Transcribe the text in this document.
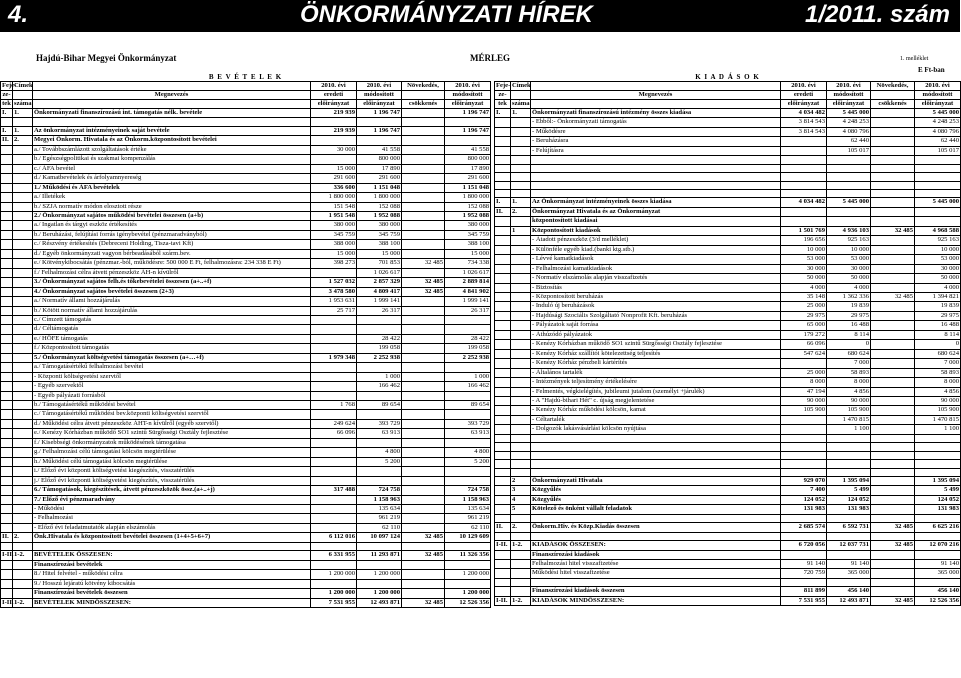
4.	ÖNKORMÁNYZATI HÍREK	1/2011. szám
Hajdú-Bihar Megyei Önkormányzat	MÉRLEG	1. melléklet
E Ft-ban
B E V É T E L E K						
Feje-	Címek		2010. évi	2010. évi	Növekedés,	2010. évi
ze-		Megnevezés	eredeti	módosított		módosított
tek	száma		előirányzat	előirányzat	csökkenés	előirányzat
I.	1.	Önkormányzati finanszírozású int. támogatás nélk. bevétele	219 939	1 196 747		1 196 747

I.	1.	Az önkormányzat intézményeinek saját bevétele	219 939	1 196 747		1 196 747
II.	2.	Megyei Önkorm. Hivatala és az Önkorm.központosított bevételei				
		a./ Továbbszámlázott szolgáltatások értéke	30 000	41 558		41 558
		b./ Egészségpolitikai és szakmai kompenzálás		800 000		800 000
		c./ ÁFA bevétel	15 000	17 890		17 890
		d./ Kamatbevételek és árfolyamnyereség	291 600	291 600		291 600
		1./ Működési és ÁFA bevételek	336 600	1 151 048		1 151 048
		a./ Illetékek	1 800 000	1 800 000		1 800 000
		b./ SZJA normatív módon elosztott része	151 548	152 088		152 088
		2./ Önkormányzat sajátos működési bevételei összesen (a+b)	1 951 548	1 952 088		1 952 088
		a./ Ingatlan és tárgyi eszköz értékesítés	380 000	380 000		380 000
		b./ Beruházási, felújítási forrás igénybevétel (pénzmaradványból)	345 759	345 759		345 759
		c./ Részvény értékesítés (Debreceni Holding, Tisza-tavi Kft)	388 000	388 100		388 100
		d./ Egyéb önkormányzati vagyon bérbeadásából szárm.bev.	15 000	15 000		15 000
		e./ Kötvénykibocsátás (pénzmar.-ból, működésre: 500 000 E Ft, felhalmozásra: 234 338 E Ft)	398 273	701 853	32 485	734 338
		f./ Felhalmozási célra átvett pénzeszköz ÁH-n kívülről		1 026 617		1 026 617
		3./ Önkormányzat sajátos felh.és tőkebevételei összesen (a+..+f)	1 527 032	2 857 329	32 485	2 889 814
		4./ Önkormányzat sajátos bevételei összesen (2+3)	3 478 580	4 809 417	32 485	4 841 902
		a./ Normatív állami hozzájárulás	1 953 631	1 999 141		1 999 141
		b./ Kötött normatív állami hozzájárulás	25 717	26 317		26 317
		c./ Címzett támogatás				
		d./ Céltámogatás				
		e./ HÖFE támogatás		28 422		28 422
		f./ Központosított támogatás		199 058		199 058
		5./ Önkormányzat költségvetési támogatás összesen (a+…+f)	1 979 348	2 252 938		2 252 938
		a./ Támogatásértékű felhalmozási bevétel				
		- Központi költségvetési szervtől		1 000		1 000
		- Egyéb szervektől		166 462		166 462
		- Egyéb pályázati forrásból				
		b./ Támogatásértékű működési bevétel	1 768	89 654		89 654
		c./ Támogatásértékű működési bev.központi költségvetési szervtől				
		d./ Működési célra átvett pénzeszköz ÁHT-n kívülről (egyéb szervtől)	249 624	393 729		393 729
		e./ Kenézy Kórházban működő SO1 szintű Sürgősségi Osztály fejlesztése	66 096	63 913		63 913
		f./ Kisebbségi önkormányzatok működésének támogatása				
		g./ Felhalmozási célú támogatási kölcsön megtérülése		4 800		4 800
		h./ Működési célú támogatási kölcsön megtérülése		5 200		5 200
		i./ Előző évi központi költségvetési kiegészítés, visszatérülés				
		j./ Előző évi központi költségvetési kiegészítés, visszatérülés				
		6./ Támogatások, kiegészítések, átvett pénzeszközök össz.(a+..+j)	317 488	724 758		724 758
		7./ Előző évi pénzmaradvány		1 158 963		1 158 963
		- Működési		135 634		135 634
		- Felhalmozási		961 219		961 219
		- Előző évi feladatmutatók alapján elszámolás		62 110		62 110
II.	2.	Önk.Hivatala és központosított bevételei összesen (1+4+5+6+7)	6 112 016	10 097 124	32 485	10 129 609

I-II.	1-2.	BEVÉTELEK ÖSSZESEN:	6 331 955	11 293 871	32 485	11 326 356
		Finanszírozási bevételek				
		8./ Hitel felvétel - működési célra	1 200 000	1 200 000		1 200 000
		9./ Hosszú lejáratú kötvény kibocsátás				
		Finanszírozási bevételek összesen	1 200 000	1 200 000		1 200 000
I-II.	1-2.	BEVÉTELEK MINDÖSSZESEN:	7 531 955	12 493 871	32 485	12 526 356
K I A D Á S O K						
Feje-	Címek		2010. évi	2010. évi	Növekedés,	2010. évi
ze-		Megnevezés	eredeti	módosított		módosított
tek	száma		előirányzat	előirányzat	csökkenés	előirányzat
I.	1.	Önkormányzati finanszírozású intézmény összes kiadása	4 034 482	5 445 000		5 445 000
		- Ebből:- Önkormányzati támogatás	3 814 543	4 248 253		4 248 253
		- Működésre	3 814 543	4 080 796		4 080 796
		- Beruházásra		62 440		62 440
		- Felújításra		105 017		105 017

I.	1.	Az Önkormányzat intézményeinek összes kiadása	4 034 482	5 445 000		5 445 000
II.	2.	Önkormányzat Hivatala és az Önkormányzat				
		központosított kiadásai				
	1	Központosított kiadások	1 501 769	4 936 103	32 485	4 968 588
		- Átadott pénzeszköz (3/d melléklet)	196 656	925 163		925 163
		- Különféle egyéb kiad.(banki ktg.stb.)	10 000	10 000		10 000
		- Lévvé kamatkiadások	53 000	53 000		53 000
		- Felhalmozási kamatkiadások	30 000	30 000		30 000
		- Normatív elszámolás alapján visszafizetés	50 000	50 000		50 000
		- Biztosítás	4 000	4 000		4 000
		- Központosított beruházás	35 148	1 362 336	32 485	1 394 821
		- Induló új beruházások	25 000	19 839		19 839
		- Hajdúsági Szociális Szolgáltató Nonprofit Kft. beruházás	29 975	29 975		29 975
		- Pályázatok saját forrása	65 000	16 488		16 488
		- Áthúzódó pályázatok	179 272	8 114		8 114
		- Kenézy Kórházban működő SO1 szintű Sürgősségi Osztály fejlesztése	66 096	0		0
		- Kenézy Kórház szállítói kötelezettség teljesítés	547 624	680 624		680 624
		- Kenézy Kórház pénzbeli kártérítés		7 000		7 000
		- Általános tartalék	25 000	58 893		58 893
		- Intézmények teljesítmény értékelésére	8 000	8 000		8 000
		- Felmentés, végkielégítés, jubileumi jutalom (személyi +járulék)	47 194	4 856		4 856
		- A "Hajdú-bihari Hét" c. újság megjelentetése	90 000	90 000		90 000
		- Kenézy Kórház működési kölcsön, kamat	105 900	105 900		105 900
		- Céltartalék		1 470 815		1 470 815
		- Dolgozók lakásvásárlási kölcsön nyújtása		1 100		1 100

	2	Önkormányzati Hivatala	929 070	1 395 094		1 395 094
	3	Közgyűlés	7 400	5 499		5 499
	4	Közgyűlés	124 052	124 052		124 052
	5	Kötelező és önként vállalt feladatok	131 983	131 983		131 983

II.	2.	Önkorm.Hiv. és Közp.Kiadás összesen	2 685 574	6 592 731	32 485	6 625 216

I-II.	1-2.	KIADÁSOK ÖSSZESEN:	6 720 056	12 037 731	32 485	12 070 216
		Finanszírozási kiadások				
		Felhalmozási hitel visszafizetése	91 140	91 140		91 140
		Működési hitel visszafizetése	720 759	365 000		365 000

		Finanszírozási kiadások összesen	811 899	456 140		456 140
I-II.	1-2.	KIADÁSOK MINDÖSSZESEN:	7 531 955	12 493 871	32 485	12 526 356
